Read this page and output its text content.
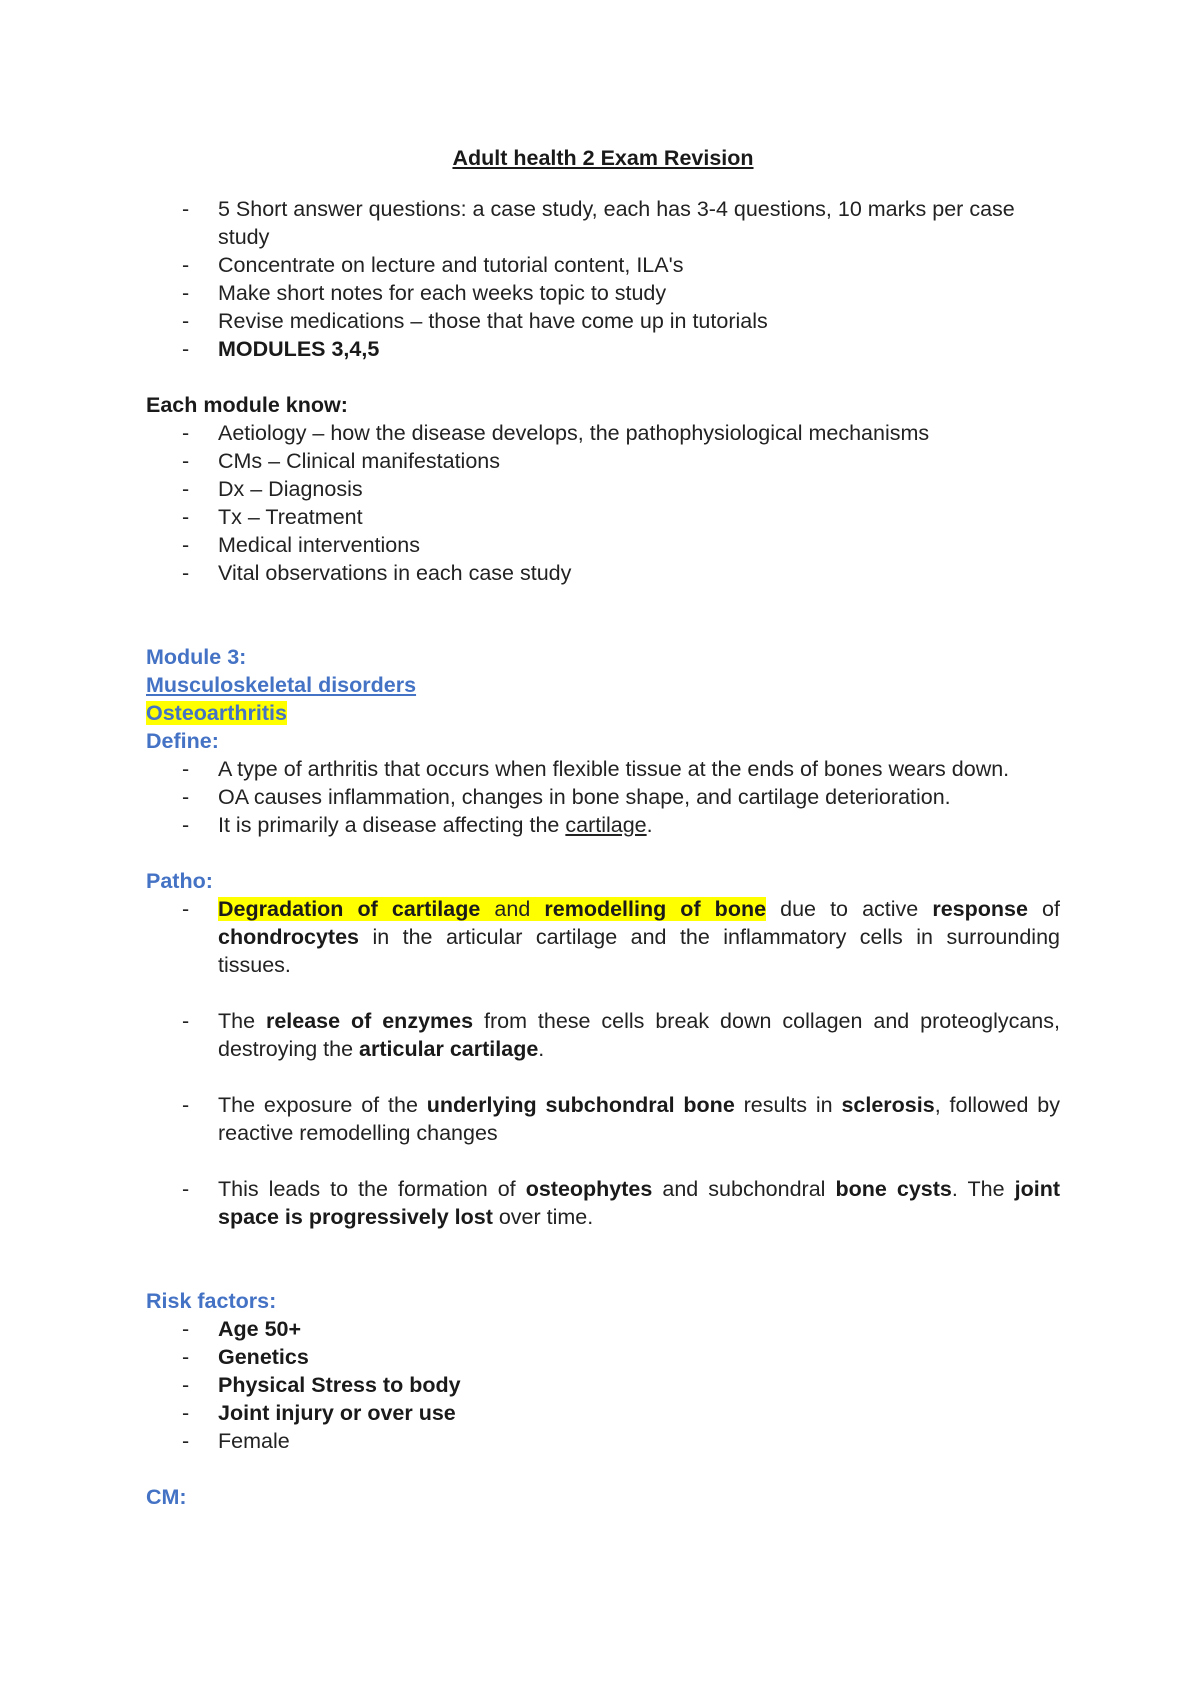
Adult health 2 Exam Revision
- 5 Short answer questions: a case study, each has 3-4 questions, 10 marks per case study
- Concentrate on lecture and tutorial content, ILA's
- Make short notes for each weeks topic to study
- Revise medications – those that have come up in tutorials
- MODULES 3,4,5
Each module know:
- Aetiology – how the disease develops, the pathophysiological mechanisms
- CMs – Clinical manifestations
- Dx – Diagnosis
- Tx – Treatment
- Medical interventions
- Vital observations in each case study
Module 3:
Musculoskeletal disorders
Osteoarthritis
Define:
- A type of arthritis that occurs when flexible tissue at the ends of bones wears down.
- OA causes inflammation, changes in bone shape, and cartilage deterioration.
- It is primarily a disease affecting the cartilage.
Patho:
- Degradation of cartilage and remodelling of bone due to active response of chondrocytes in the articular cartilage and the inflammatory cells in surrounding tissues.
- The release of enzymes from these cells break down collagen and proteoglycans, destroying the articular cartilage.
- The exposure of the underlying subchondral bone results in sclerosis, followed by reactive remodelling changes
- This leads to the formation of osteophytes and subchondral bone cysts. The joint space is progressively lost over time.
Risk factors:
- Age 50+
- Genetics
- Physical Stress to body
- Joint injury or over use
- Female
CM:
